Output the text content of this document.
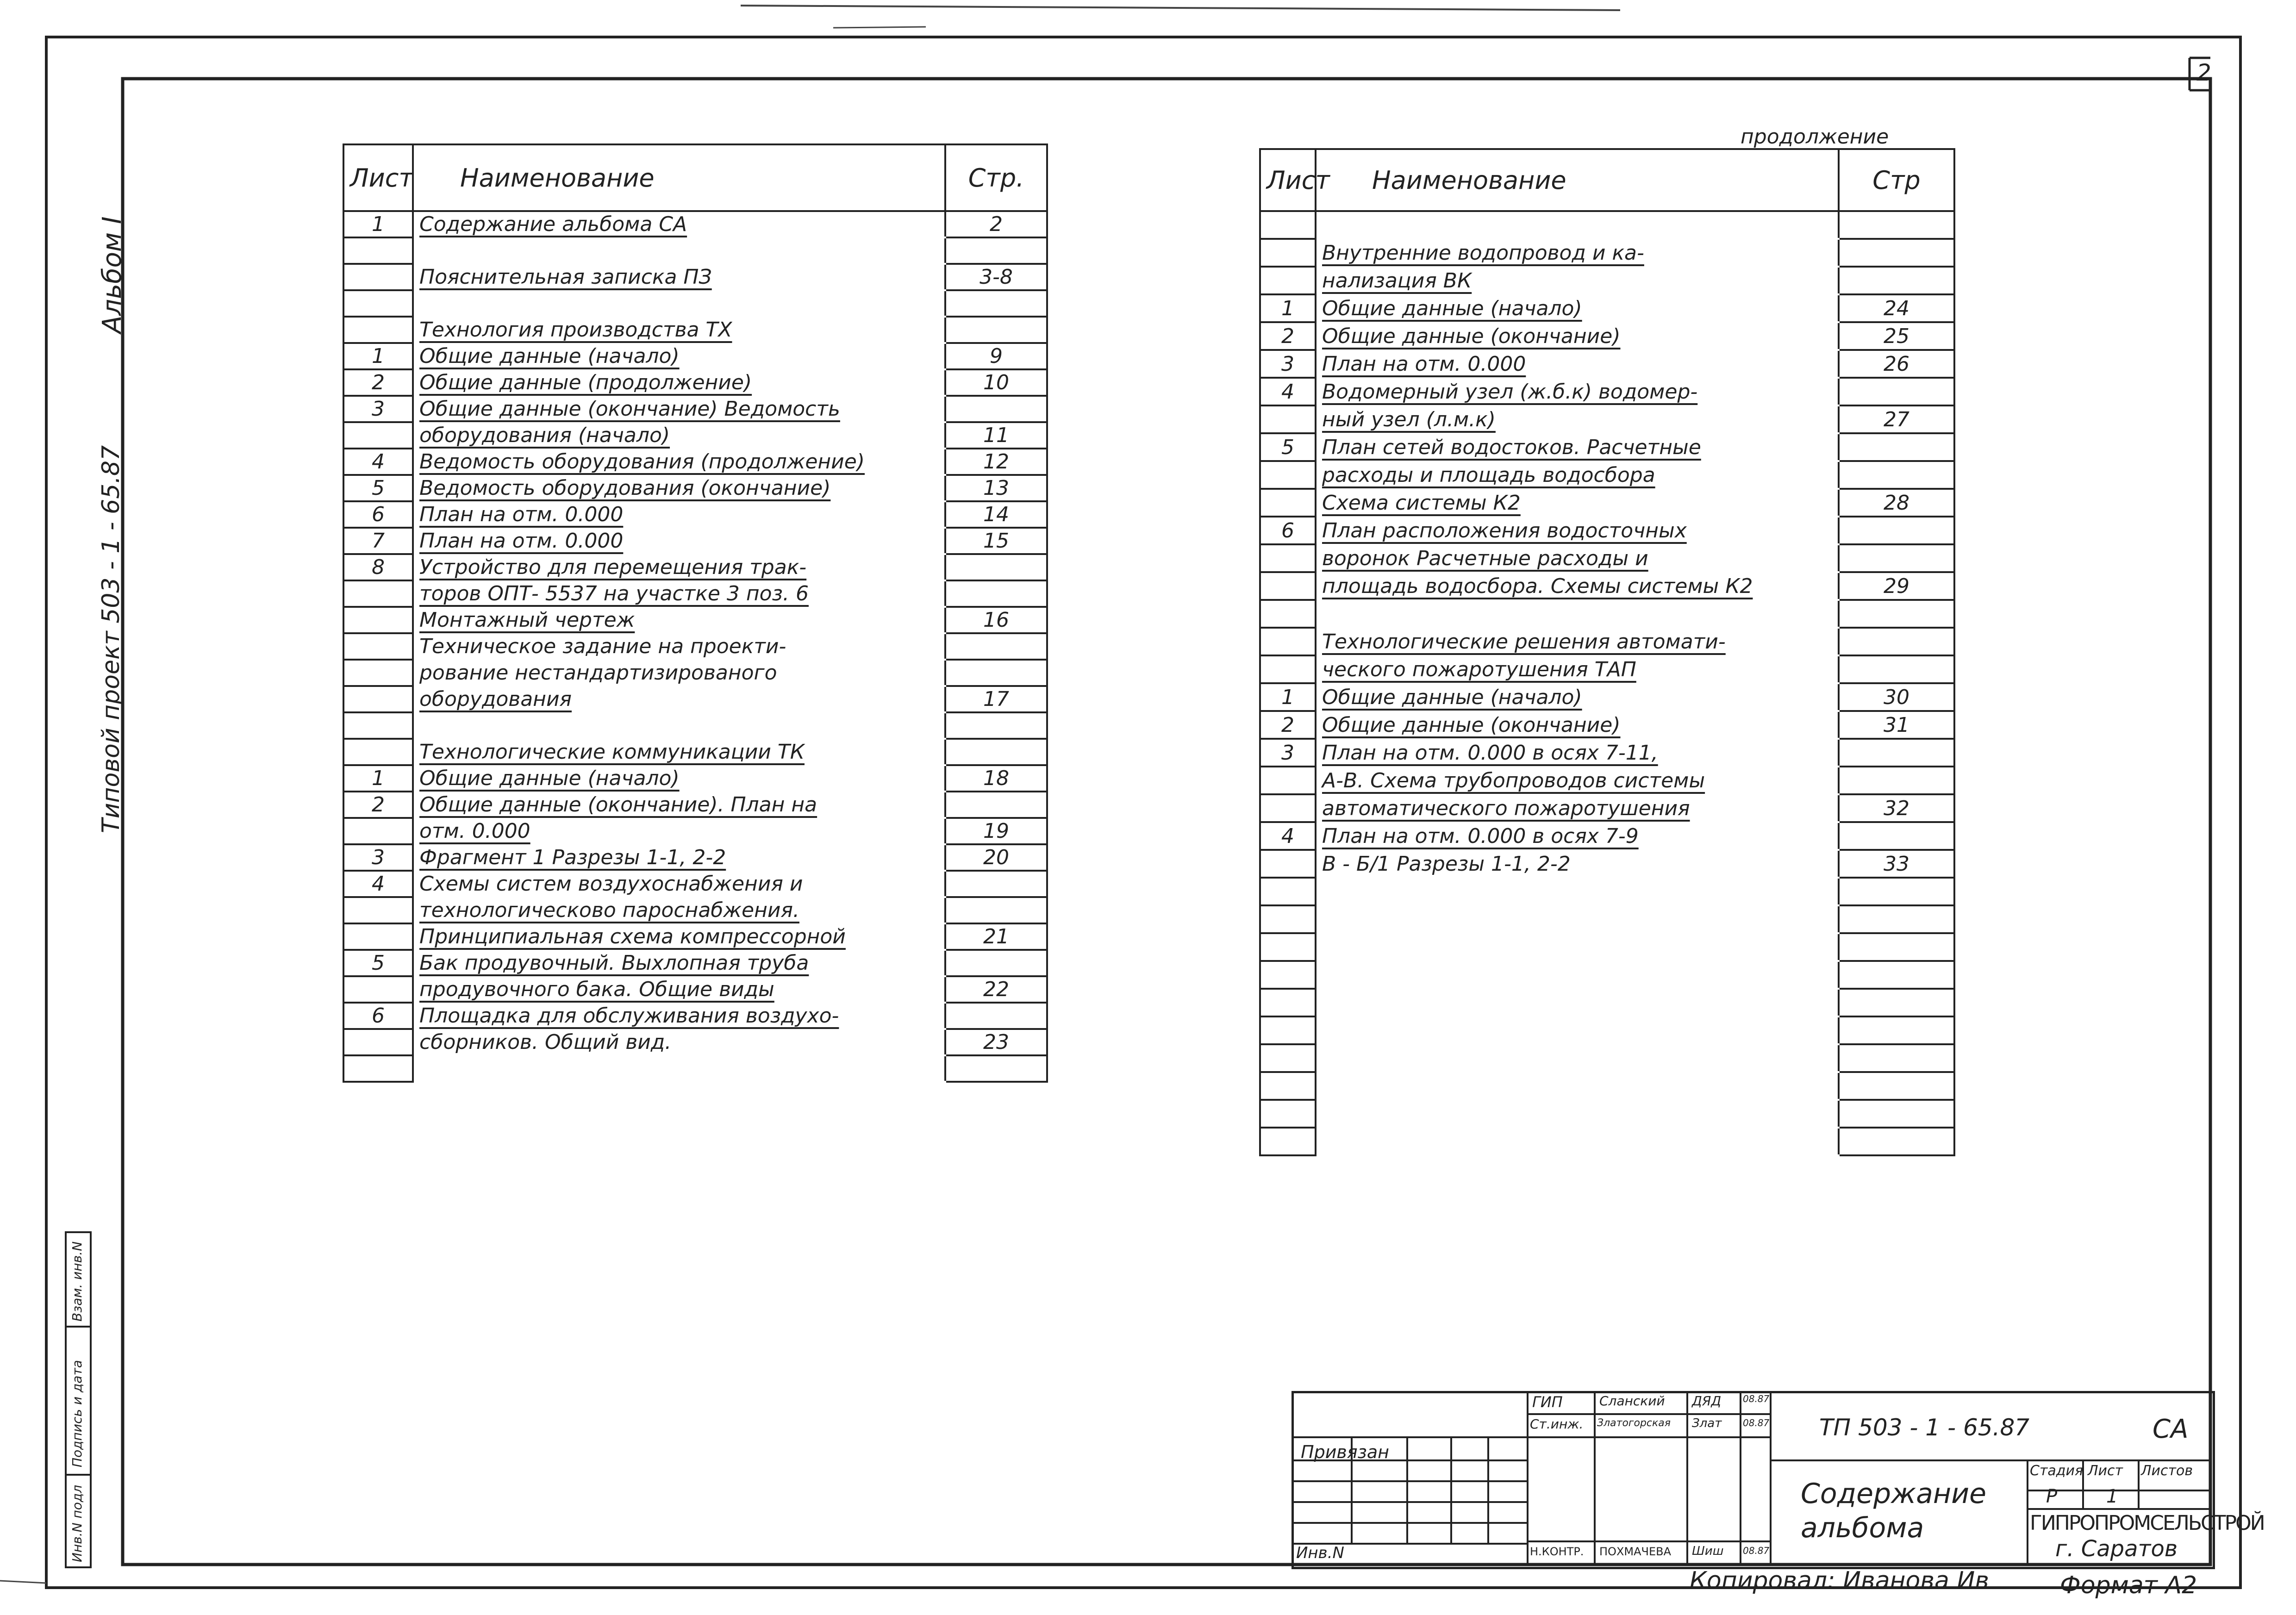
2
Альбом I
Типовой проект 503 - 1 - 65.87
Лист	Наименование	Стр.
1	Содержание альбома СА	2

	Пояснительная записка ПЗ	3-8

	Технология производства ТХ	
1	Общие данные (начало)	9
2	Общие данные (продолжение)	10
3	Общие данные (окончание) Ведомость	
	оборудования (начало)	11
4	Ведомость оборудования (продолжение)	12
5	Ведомость оборудования (окончание)	13
6	План на отм. 0.000	14
7	План на отм. 0.000	15
8	Устройство для перемещения трак-	
	торов ОПТ- 5537 на участке 3 поз. 6	
	Монтажный чертеж	16
	Техническое задание на проекти-	
	рование нестандартизированого	
	оборудования	17

	Технологические коммуникации ТК	
1	Общие данные (начало)	18
2	Общие данные (окончание). План на	
	отм. 0.000	19
3	Фрагмент 1 Разрезы 1-1, 2-2	20
4	Схемы систем воздухоснабжения и	
	технологическово пароснабжения.	
	Принципиальная схема компрессорной	21
5	Бак продувочный. Выхлопная труба	
	продувочного бака. Общие виды	22
6	Площадка для обслуживания воздухо-	
	сборников. Общий вид.	23

продолжение
Лист	Наименование	Стр

	Внутренние водопровод и ка-	
	нализация ВК	
1	Общие данные (начало)	24
2	Общие данные (окончание)	25
3	План на отм. 0.000	26
4	Водомерный узел (ж.б.к) водомер-	
	ный узел (л.м.к)	27
5	План сетей водостоков. Расчетные	
	расходы и площадь водосбора	
	Схема системы К2	28
6	План расположения водосточных	
	воронок Расчетные расходы и	
	площадь водосбора. Схемы системы К2	29

	Технологические решения автомати-	
	ческого пожаротушения ТАП	
1	Общие данные (начало)	30
2	Общие данные (окончание)	31
3	План на отм. 0.000 в осях 7-11,	
	А-В. Схема трубопроводов системы	
	автоматического пожаротушения	32
4	План на отм. 0.000 в осях 7-9	
	В - Б/1 Разрезы 1-1, 2-2	33

Инв.N подл
Подпись и дата
Взам. инв.N
Привязан
Инв.N
ГИП	Сланский ДЯД 08.87
Ст.инж. Златогорская Злат 08.87
Н.КОНТР. ПОХМАЧЕВА Шиш 08.87
ТП 503 - 1 - 65.87	СА
Содержание альбома
Стадия Лист Листов
Р	1
ГИПРОПРОМСЕЛЬСТРОЙ
г. Саратов
Копировал: Иванова Ив	Формат А2
